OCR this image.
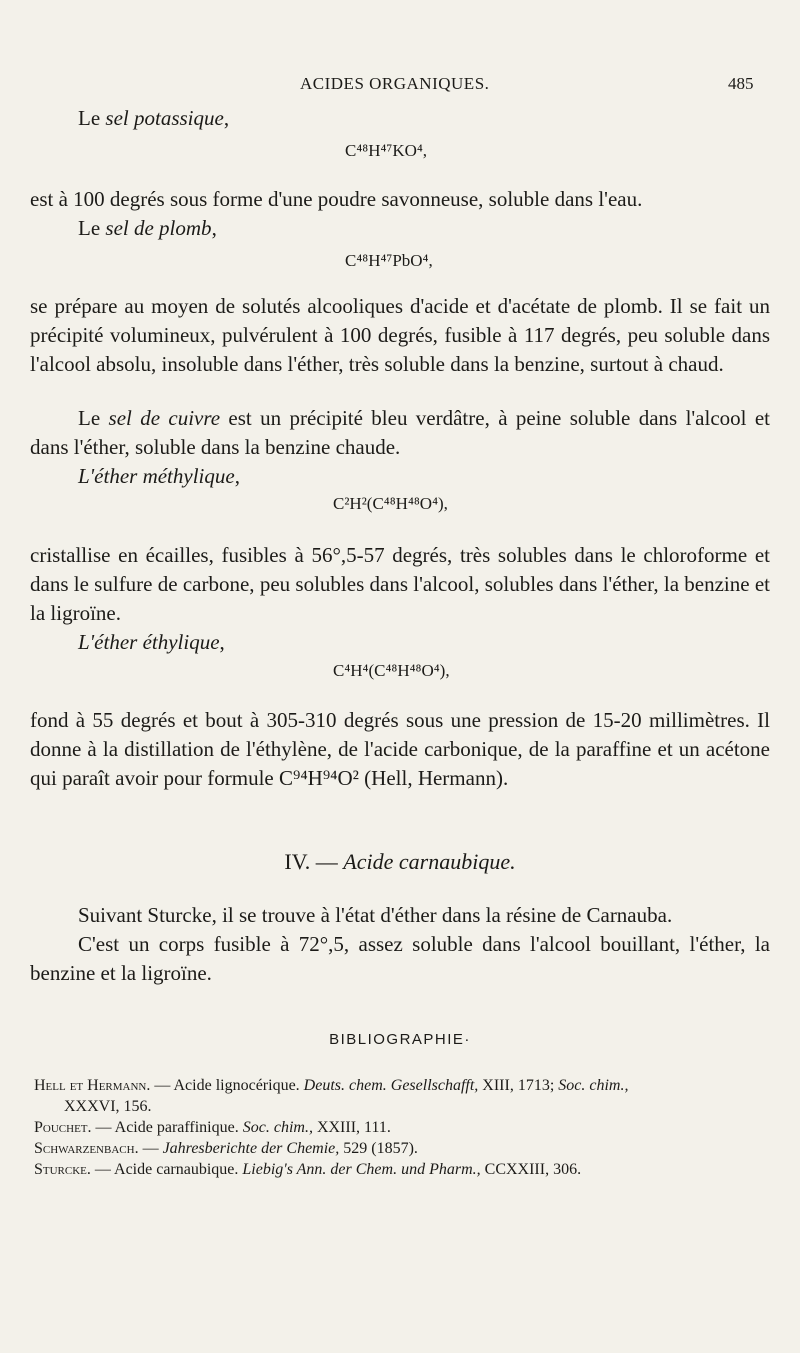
ACIDES ORGANIQUES.	485
Le sel potassique,
C⁴⁸H⁴⁷KO⁴,
est à 100 degrés sous forme d'une poudre savonneuse, soluble dans l'eau.
Le sel de plomb,
C⁴⁸H⁴⁷PbO⁴,
se prépare au moyen de solutés alcooliques d'acide et d'acétate de plomb. Il se fait un précipité volumineux, pulvérulent à 100 degrés, fusible à 117 degrés, peu soluble dans l'alcool absolu, insoluble dans l'éther, très soluble dans la benzine, surtout à chaud.
Le sel de cuivre est un précipité bleu verdâtre, à peine soluble dans l'alcool et dans l'éther, soluble dans la benzine chaude.
L'éther méthylique,
C²H²(C⁴⁸H⁴⁸O⁴),
cristallise en écailles, fusibles à 56°,5-57 degrés, très solubles dans le chloroforme et dans le sulfure de carbone, peu solubles dans l'alcool, solubles dans l'éther, la benzine et la ligroïne.
L'éther éthylique,
C⁴H⁴(C⁴⁸H⁴⁸O⁴),
fond à 55 degrés et bout à 305-310 degrés sous une pression de 15-20 millimètres. Il donne à la distillation de l'éthylène, de l'acide carbonique, de la paraffine et un acétone qui paraît avoir pour formule C⁹⁴H⁹⁴O² (Hell, Hermann).
IV. — Acide carnaubique.
Suivant Sturcke, il se trouve à l'état d'éther dans la résine de Carnauba.
C'est un corps fusible à 72°,5, assez soluble dans l'alcool bouillant, l'éther, la benzine et la ligroïne.
BIBLIOGRAPHIE·
Hell et Hermann. — Acide lignocérique. Deuts. chem. Gesellschafft, XIII, 1713; Soc. chim.,
XXXVI, 156.
Pouchet. — Acide paraffinique. Soc. chim., XXIII, 111.
Schwarzenbach. — Jahresberichte der Chemie, 529 (1857).
Sturcke. — Acide carnaubique. Liebig's Ann. der Chem. und Pharm., CCXXIII, 306.
